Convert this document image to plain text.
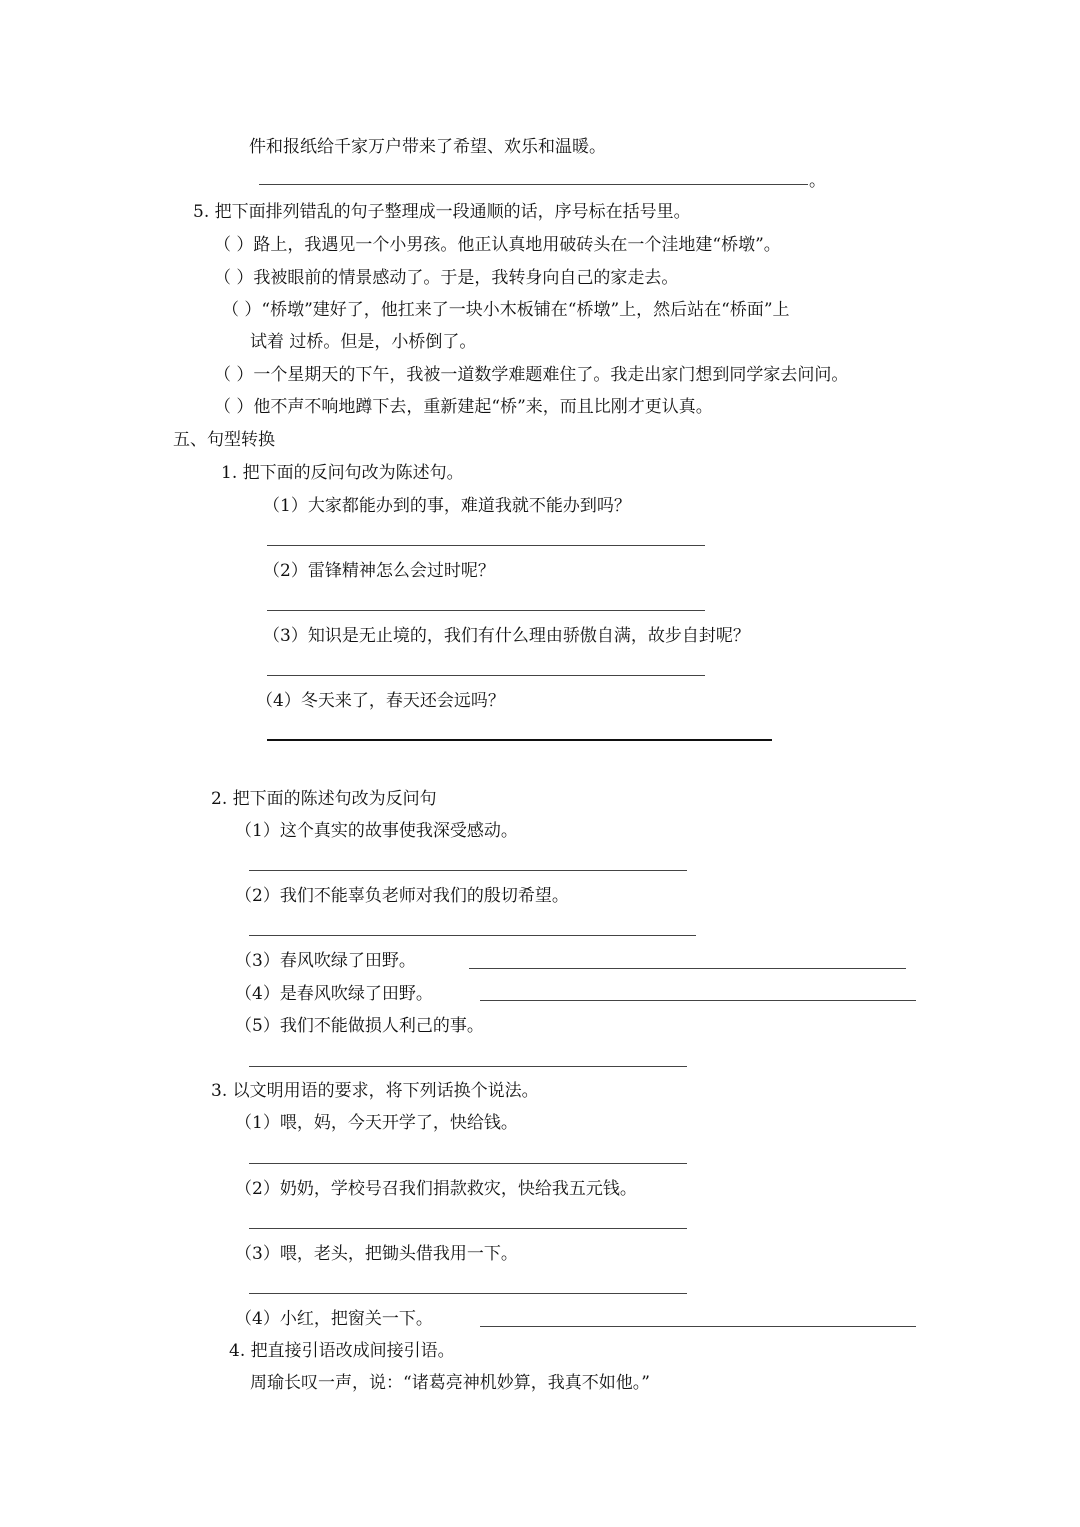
件和报纸给千家万户带来了希望、欢乐和温暖。
。
5. 把下面排列错乱的句子整理成一段通顺的话，序号标在括号里。
（ ）路上，我遇见一个小男孩。他正认真地用破砖头在一个洼地建“桥墩”。
（ ）我被眼前的情景感动了。于是，我转身向自己的家走去。
（ ）“桥墩”建好了，他扛来了一块小木板铺在“桥墩”上，然后站在“桥面”上
试着 过桥。但是，小桥倒了。
（ ）一个星期天的下午，我被一道数学难题难住了。我走出家门想到同学家去问问。
（ ）他不声不响地蹲下去，重新建起“桥”来，而且比刚才更认真。
五、句型转换
1. 把下面的反问句改为陈述句。
（1）大家都能办到的事，难道我就不能办到吗？
（2）雷锋精神怎么会过时呢？
（3）知识是无止境的，我们有什么理由骄傲自满，故步自封呢？
（4）冬天来了，春天还会远吗？
2. 把下面的陈述句改为反问句
（1）这个真实的故事使我深受感动。
（2）我们不能辜负老师对我们的殷切希望。
（3）春风吹绿了田野。
（4）是春风吹绿了田野。
（5）我们不能做损人利己的事。
3. 以文明用语的要求，将下列话换个说法。
（1）喂，妈，今天开学了，快给钱。
（2）奶奶，学校号召我们捐款救灾，快给我五元钱。
（3）喂，老头，把锄头借我用一下。
（4）小红，把窗关一下。
4. 把直接引语改成间接引语。
周瑜长叹一声，说：“诸葛亮神机妙算，我真不如他。”
